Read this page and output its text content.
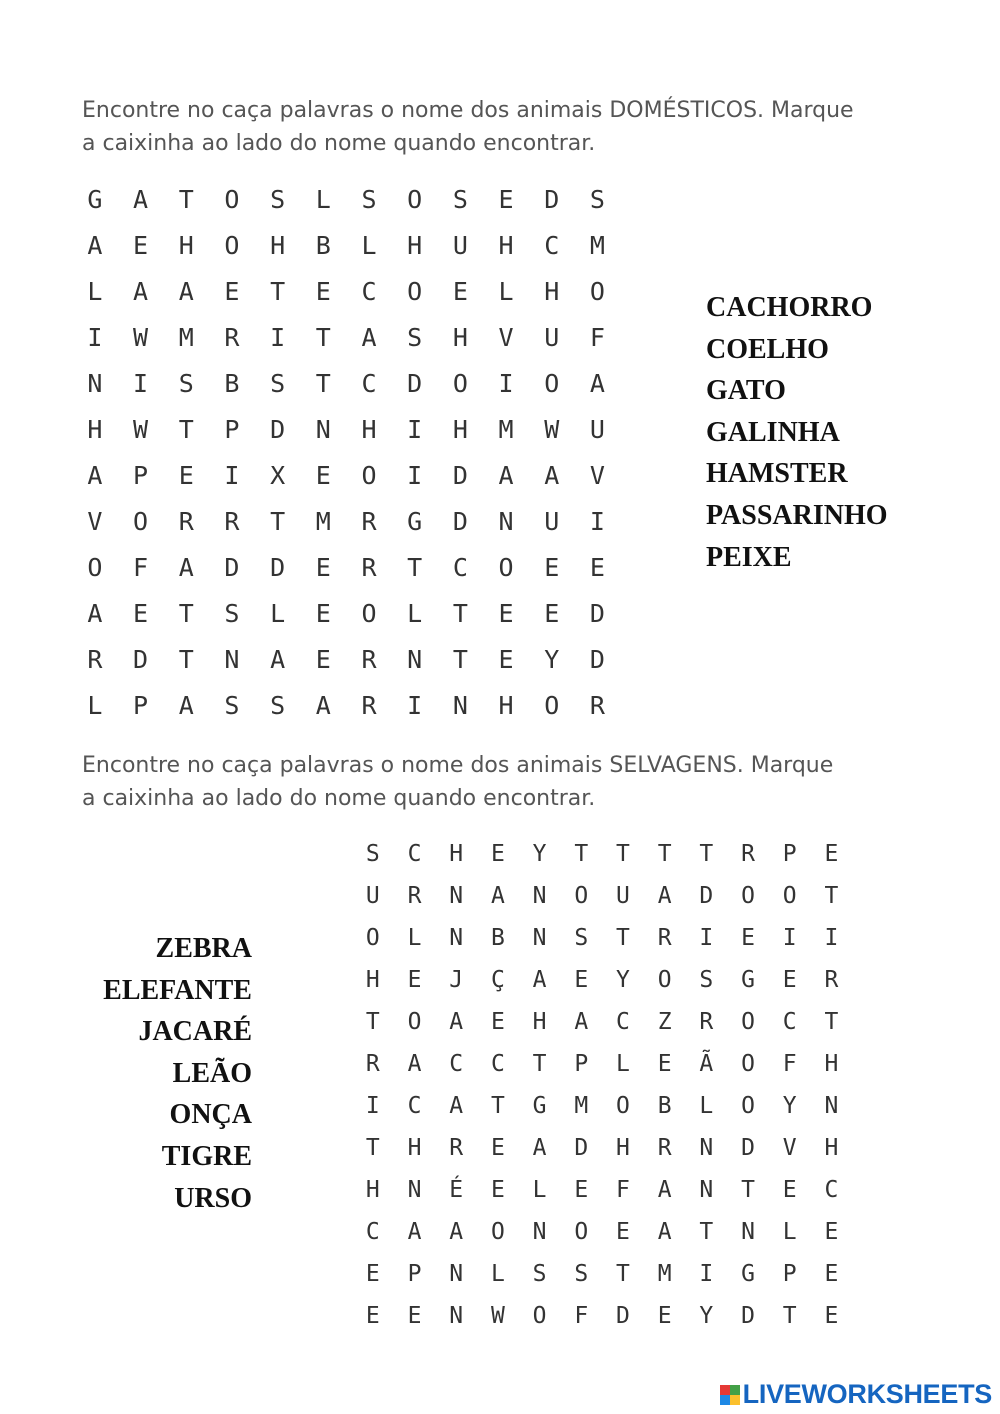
Encontre no caça palavras o nome dos animais DOMÉSTICOS. Marque

a caixinha ao lado do nome quando encontrar.

G	A	T	O	S	L	S	O	S	E	D	S
A	E	H	O	H	B	L	H	U	H	C	M
L	A	A	E	T	E	C	O	E	L	H	O
I	W	M	R	I	T	A	S	H	V	U	F
N	I	S	B	S	T	C	D	O	I	O	A
H	W	T	P	D	N	H	I	H	M	W	U
A	P	E	I	X	E	O	I	D	A	A	V
V	O	R	R	T	M	R	G	D	N	U	I
O	F	A	D	D	E	R	T	C	O	E	E
A	E	T	S	L	E	O	L	T	E	E	D
R	D	T	N	A	E	R	N	T	E	Y	D
L	P	A	S	S	A	R	I	N	H	O	R
CACHORRO
COELHO
GATO
GALINHA
HAMSTER
PASSARINHO
PEIXE

Encontre no caça palavras o nome dos animais SELVAGENS. Marque

a caixinha ao lado do nome quando encontrar.

S	C	H	E	Y	T	T	T	T	R	P	E
U	R	N	A	N	O	U	A	D	O	O	T
O	L	N	B	N	S	T	R	I	E	I	I
H	E	J	Ç	A	E	Y	O	S	G	E	R
T	O	A	E	H	A	C	Z	R	O	C	T
R	A	C	C	T	P	L	E	Ã	O	F	H
I	C	A	T	G	M	O	B	L	O	Y	N
T	H	R	E	A	D	H	R	N	D	V	H
H	N	É	E	L	E	F	A	N	T	E	C
C	A	A	O	N	O	E	A	T	N	L	E
E	P	N	L	S	S	T	M	I	G	P	E
E	E	N	W	O	F	D	E	Y	D	T	E
ZEBRA
ELEFANTE
JACARÉ
LEÃO
ONÇA
TIGRE
URSO
LIVEWORKSHEETS
